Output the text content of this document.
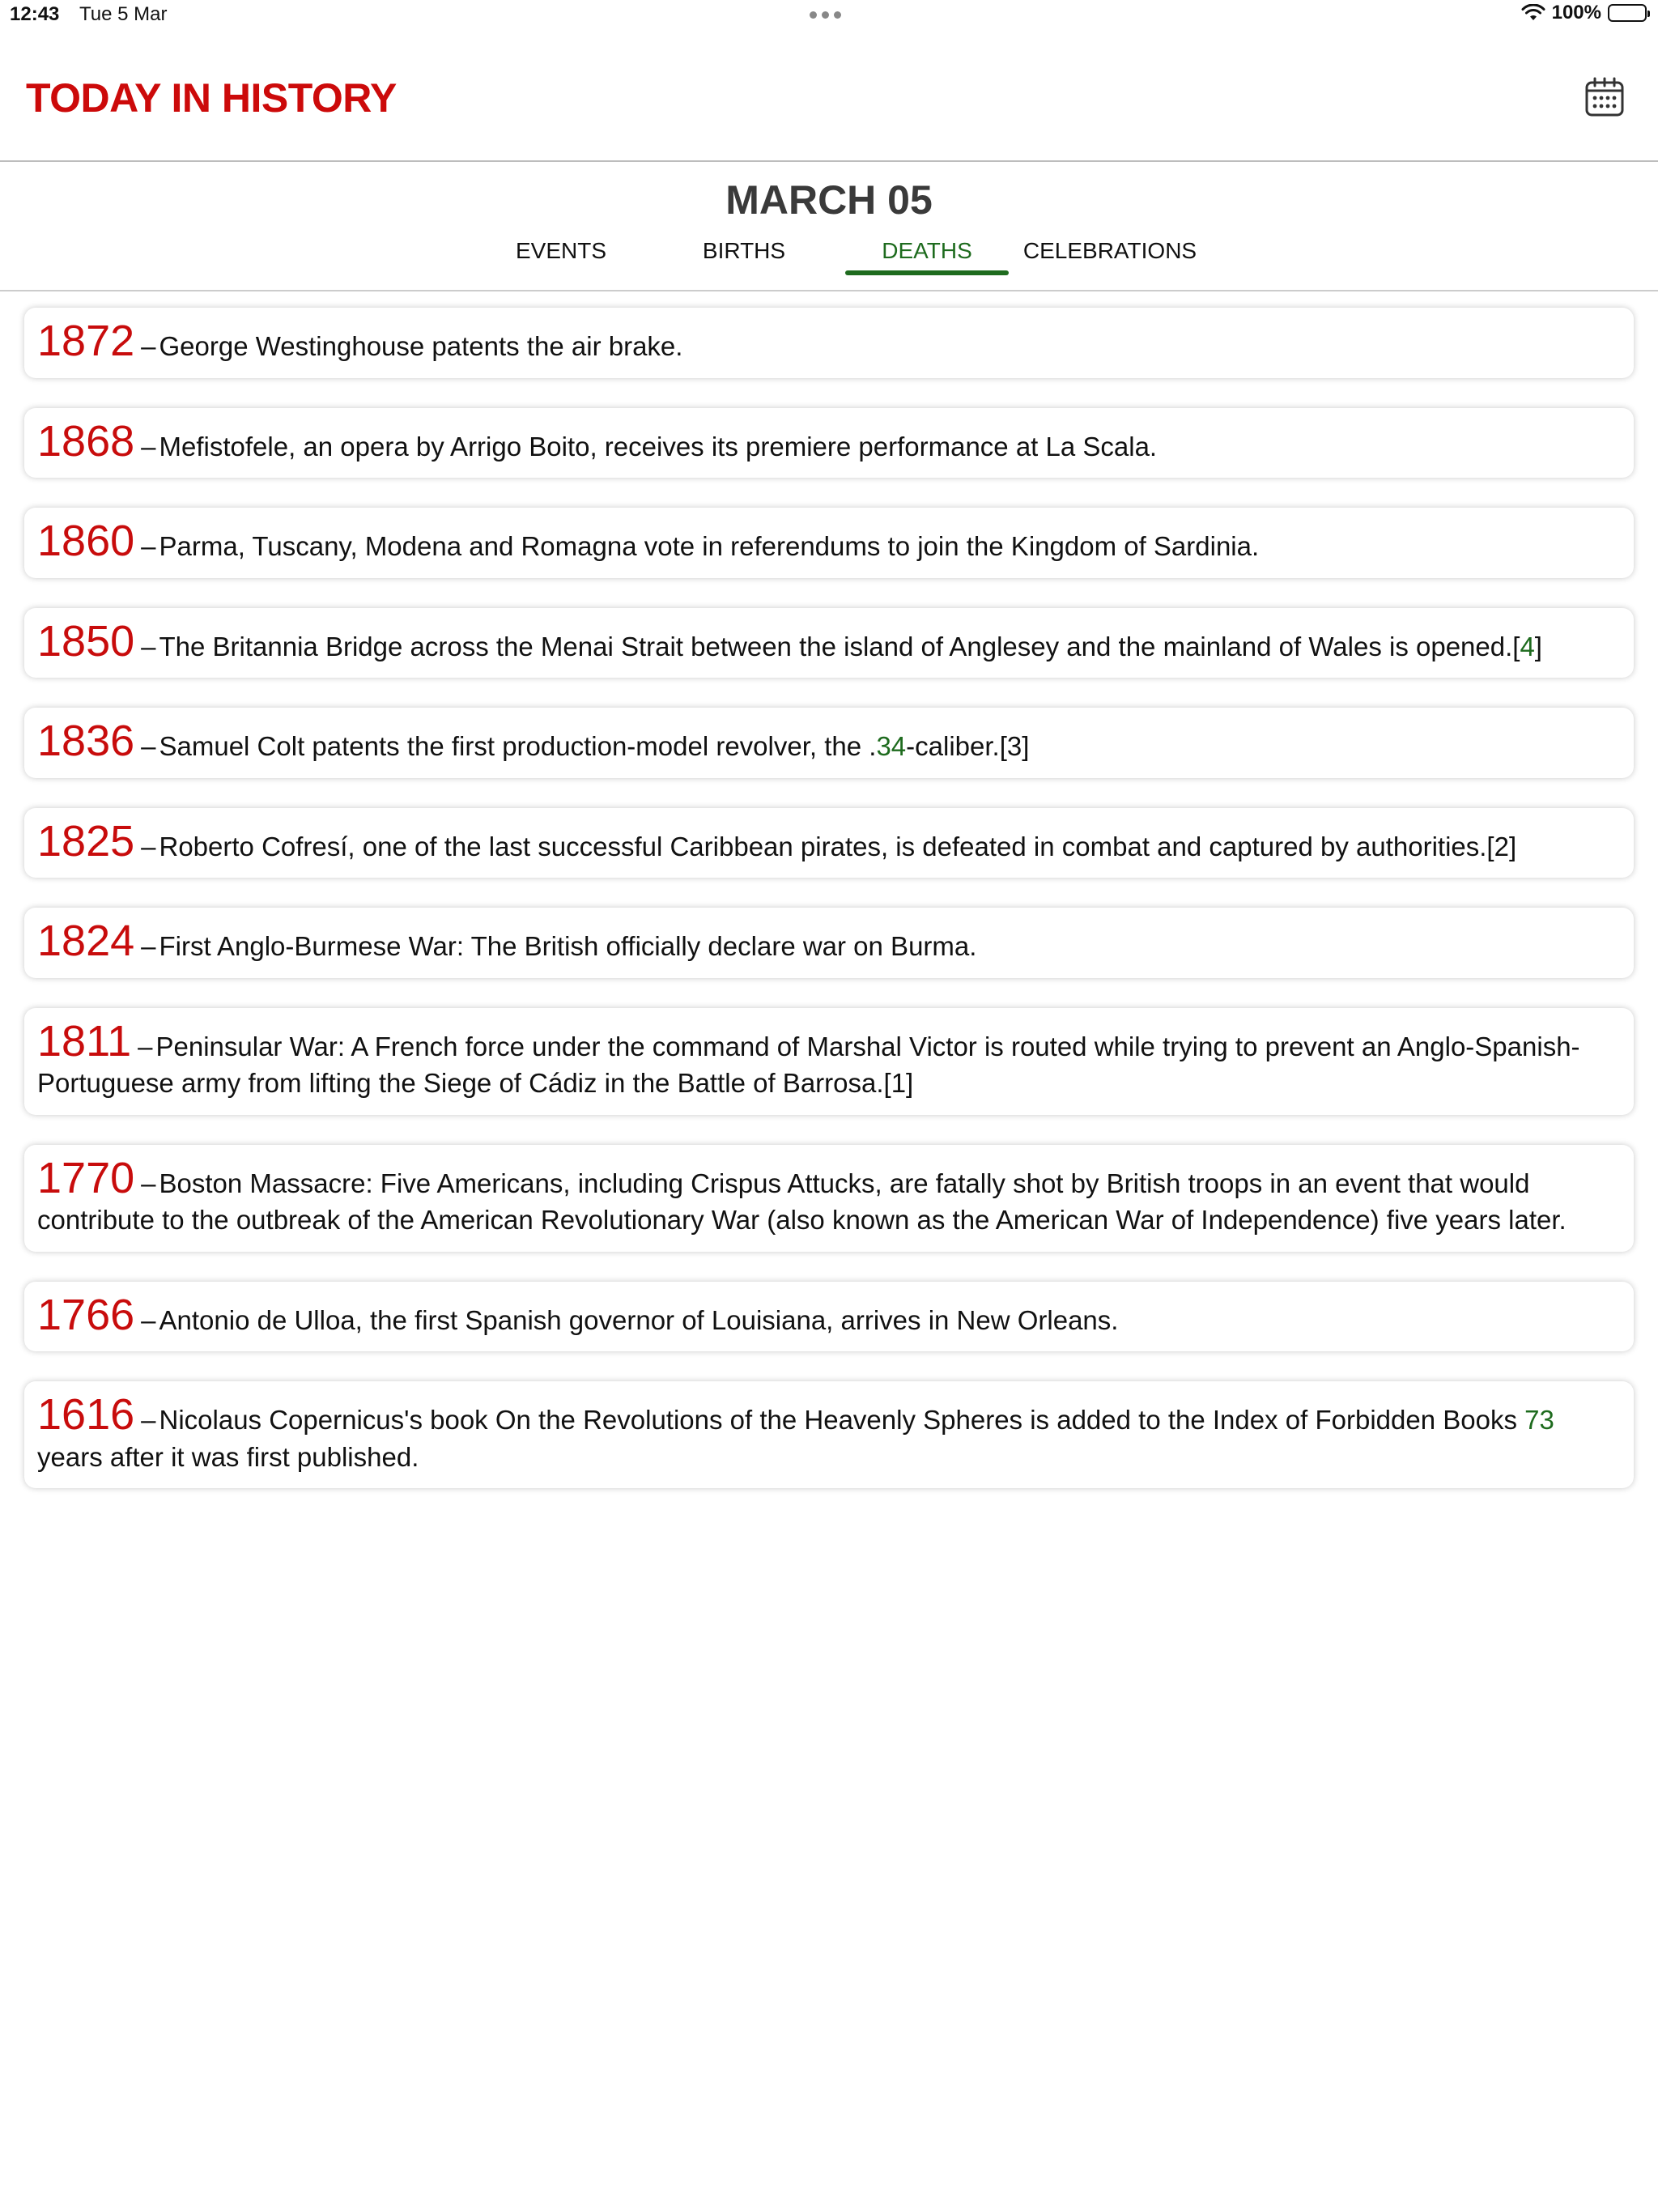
12:43 Tue 5 Mar	100%
TODAY IN HISTORY
MARCH 05
EVENTS	BIRTHS	DEATHS	CELEBRATIONS
1872 – George Westinghouse patents the air brake.
1868 – Mefistofele, an opera by Arrigo Boito, receives its premiere performance at La Scala.
1860 – Parma, Tuscany, Modena and Romagna vote in referendums to join the Kingdom of Sardinia.
1850 – The Britannia Bridge across the Menai Strait between the island of Anglesey and the mainland of Wales is opened.[4]
1836 – Samuel Colt patents the first production-model revolver, the .34-caliber.[3]
1825 – Roberto Cofresí, one of the last successful Caribbean pirates, is defeated in combat and captured by authorities.[2]
1824 – First Anglo-Burmese War: The British officially declare war on Burma.
1811 – Peninsular War: A French force under the command of Marshal Victor is routed while trying to prevent an Anglo-Spanish-Portuguese army from lifting the Siege of Cádiz in the Battle of Barrosa.[1]
1770 – Boston Massacre: Five Americans, including Crispus Attucks, are fatally shot by British troops in an event that would contribute to the outbreak of the American Revolutionary War (also known as the American War of Independence) five years later.
1766 – Antonio de Ulloa, the first Spanish governor of Louisiana, arrives in New Orleans.
1616 – Nicolaus Copernicus's book On the Revolutions of the Heavenly Spheres is added to the Index of Forbidden Books 73 years after it was first published.
